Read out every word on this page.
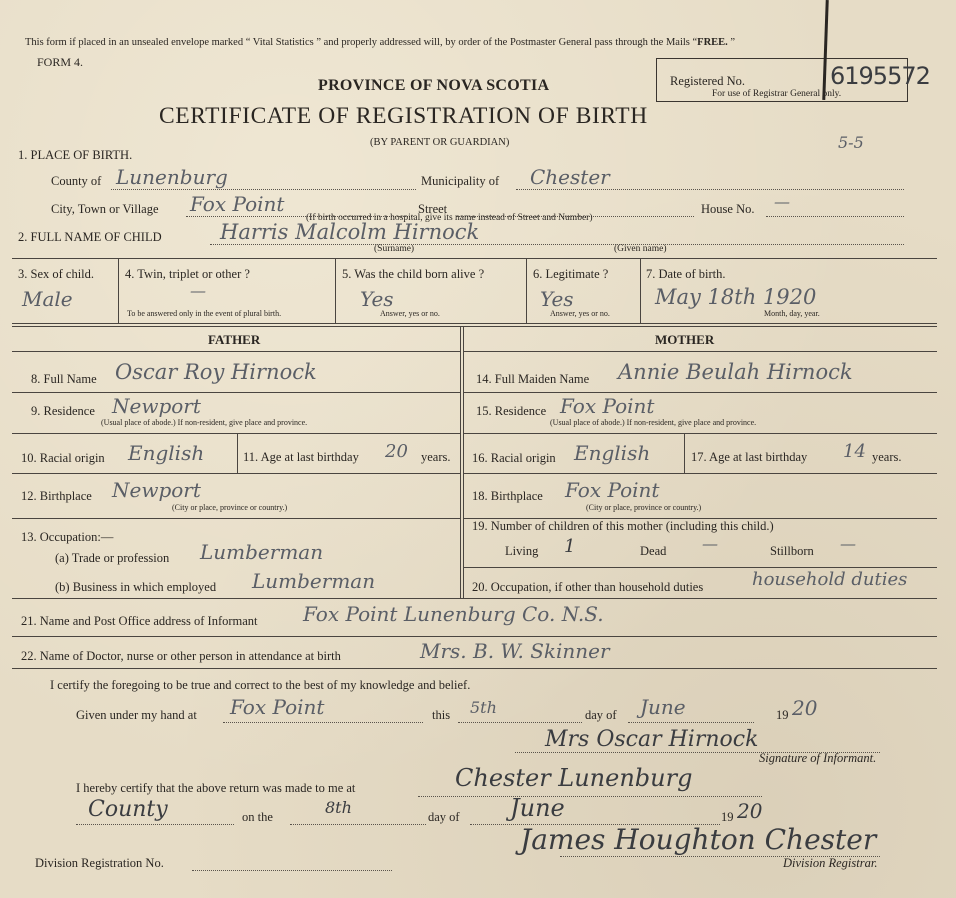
This form if placed in an unsealed envelope marked “ Vital Statistics ” and properly addressed will, by order of the Postmaster General pass through the Mails “FREE. ”
FORM 4.
PROVINCE OF NOVA SCOTIA
CERTIFICATE OF REGISTRATION OF BIRTH
(BY PARENT OR GUARDIAN)
Registered No.	6195572
For use of Registrar General only.
5-5
1. PLACE OF BIRTH.
County of Lunenburg	Municipality of Chester
City, Town or Village Fox Point	Street	House No. —
(If birth occurred in a hospital, give its name instead of Street and Number)
2. FULL NAME OF CHILD	Harris Malcolm Hirnock
(Surname)	(Given name)
3. Sex of child.
Male
4. Twin, triplet or other ?
—
To be answered only in the event of plural birth.
5. Was the child born alive ?
Yes
Answer, yes or no.
6. Legitimate ?
Yes
Answer, yes or no.
7. Date of birth.
May 18th 1920
Month, day, year.
FATHER
8. Full Name Oscar Roy Hirnock
9. Residence Newport
(Usual place of abode.) If non-resident, give place and province.
10. Racial origin English	11. Age at last birthday 20 years.
12. Birthplace Newport
(City or place, province or country.)
13. Occupation:—
(a) Trade or profession Lumberman
(b) Business in which employed Lumberman
MOTHER
14. Full Maiden Name Annie Beulah Hirnock
15. Residence Fox Point
(Usual place of abode.) If non-resident, give place and province.
16. Racial origin English	17. Age at last birthday 14 years.
18. Birthplace Fox Point
(City or place, province or country.)
19. Number of children of this mother (including this child.)
Living 1	Dead —	Stillborn —
20. Occupation, if other than household duties	household duties
21. Name and Post Office address of Informant Fox Point Lunenburg Co. N.S.
22. Name of Doctor, nurse or other person in attendance at birth	Mrs. B. W. Skinner
I certify the foregoing to be true and correct to the best of my knowledge and belief.
Given under my hand at Fox Point	this 5th	day of June	19 20
Mrs Oscar Hirnock
Signature of Informant.
I hereby certify that the above return was made to me at	Chester Lunenburg
County	on the	8th	day of June	19 20
Division Registration No.
James Houghton Chester
Division Registrar.
